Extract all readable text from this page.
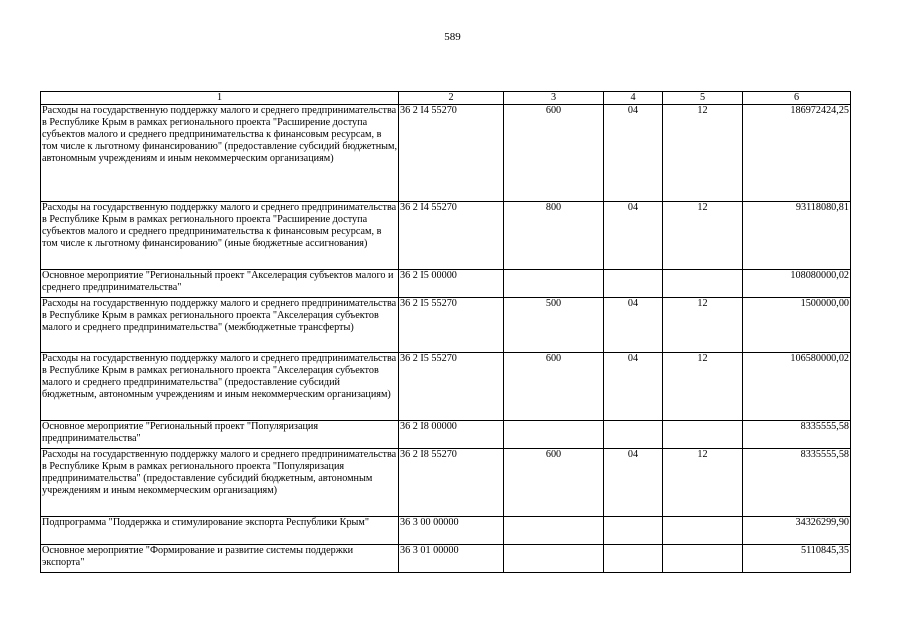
589
1	2	3	4	5	6
Расходы на государственную поддержку малого и среднего предпринимательства в Республике Крым в рамках регионального проекта "Расширение доступа субъектов малого и среднего предпринимательства к финансовым ресурсам, в том числе к льготному финансированию" (предоставление субсидий бюджетным, автономным учреждениям и иным некоммерческим организациям)	36 2 I4 55270	600	04	12	186972424,25
Расходы на государственную поддержку малого и среднего предпринимательства в Республике Крым в рамках регионального проекта "Расширение доступа субъектов малого и среднего предпринимательства к финансовым ресурсам, в том числе к льготному финансированию" (иные бюджетные ассигнования)	36 2 I4 55270	800	04	12	93118080,81
Основное мероприятие "Региональный проект "Акселерация субъектов малого и среднего предпринимательства"	36 2 I5 00000				108080000,02
Расходы на государственную поддержку малого и среднего предпринимательства в Республике Крым в рамках регионального проекта "Акселерация субъектов малого и среднего предпринимательства" (межбюджетные трансферты)	36 2 I5 55270	500	04	12	1500000,00
Расходы на государственную поддержку малого и среднего предпринимательства в Республике Крым в рамках регионального проекта "Акселерация субъектов малого и среднего предпринимательства" (предоставление субсидий бюджетным, автономным учреждениям и иным некоммерческим организациям)	36 2 I5 55270	600	04	12	106580000,02
Основное мероприятие "Региональный проект "Популяризация предпринимательства"	36 2 I8 00000				8335555,58
Расходы на государственную поддержку малого и среднего предпринимательства в Республике Крым в рамках регионального проекта "Популяризация предпринимательства" (предоставление субсидий бюджетным, автономным учреждениям и иным некоммерческим организациям)	36 2 I8 55270	600	04	12	8335555,58
Подпрограмма "Поддержка и стимулирование экспорта Республики Крым"	36 3 00 00000				34326299,90
Основное мероприятие "Формирование и развитие системы поддержки экспорта"	36 3 01 00000				5110845,35
